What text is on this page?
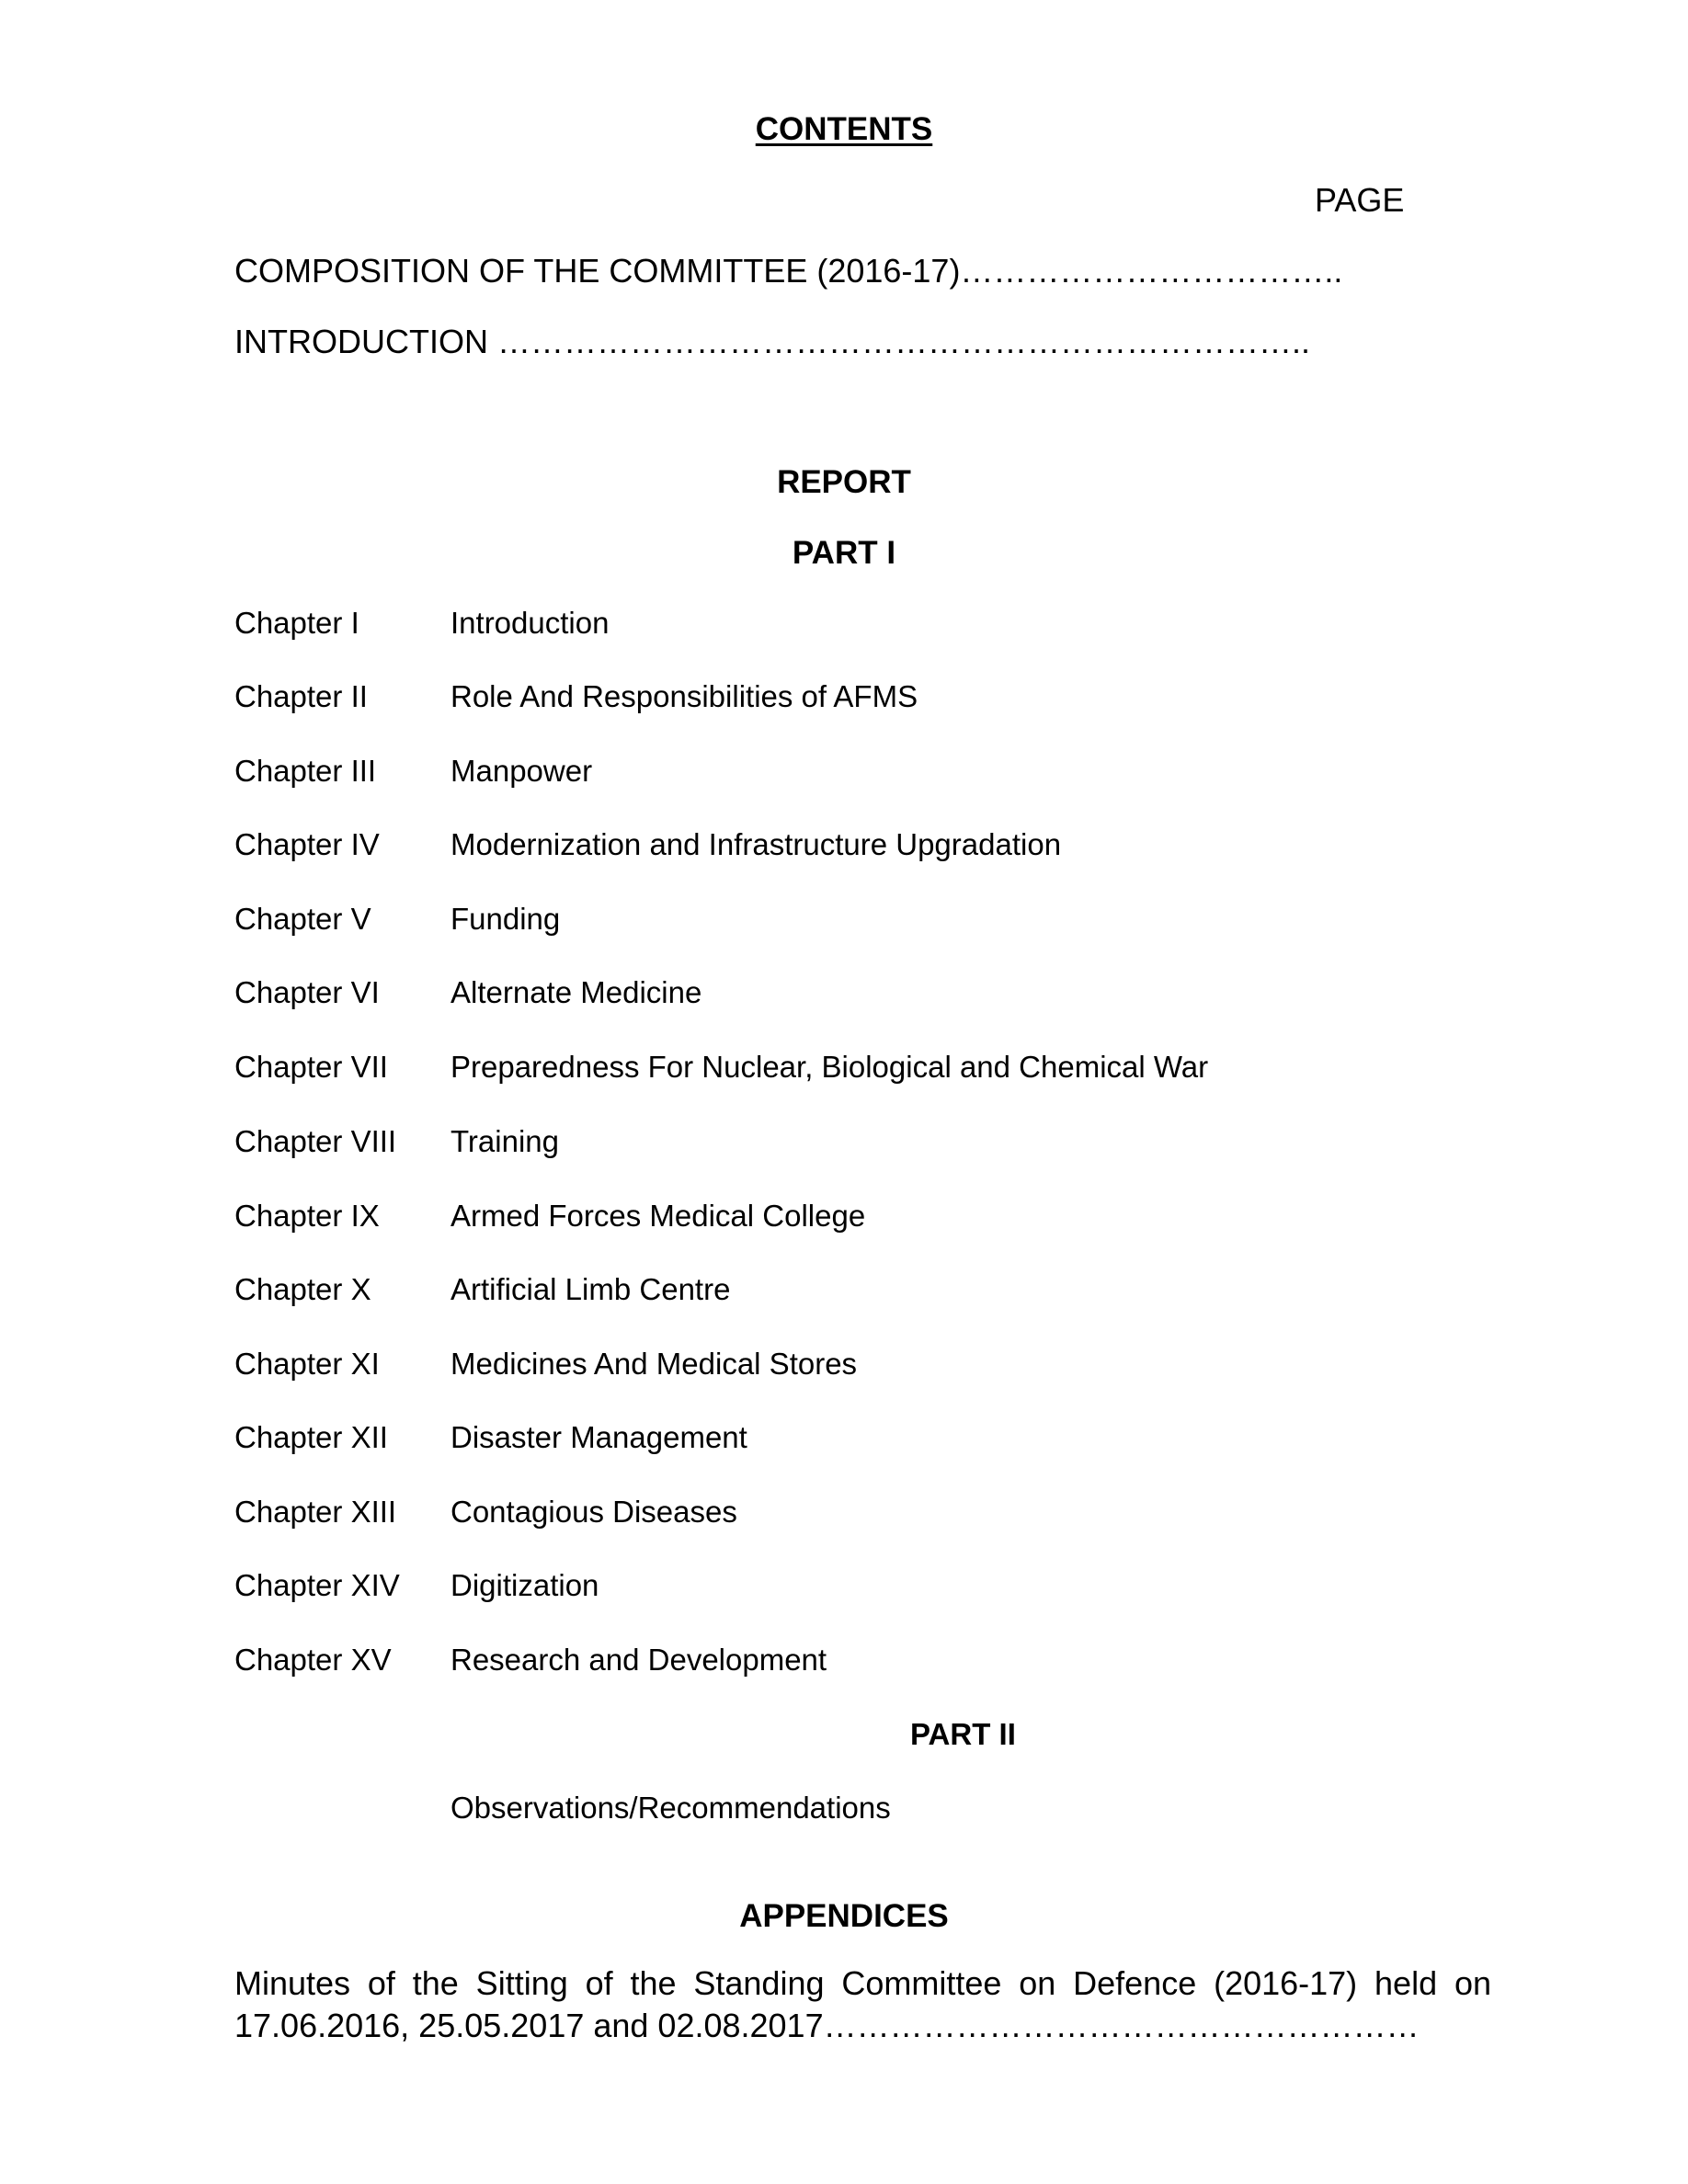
CONTENTS
PAGE
COMPOSITION OF THE COMMITTEE (2016-17)……………………………..
INTRODUCTION ………………………………………………………………..
REPORT
PART I
Chapter I	Introduction
Chapter II	Role And Responsibilities of AFMS
Chapter III Manpower
Chapter IV Modernization and Infrastructure Upgradation
Chapter V	Funding
Chapter VI Alternate Medicine
Chapter VII Preparedness For Nuclear, Biological and Chemical War
Chapter VIII Training
Chapter IX Armed Forces Medical College
Chapter X	Artificial Limb Centre
Chapter XI Medicines And Medical Stores
Chapter XII Disaster Management
Chapter XIII Contagious Diseases
Chapter XIV Digitization
Chapter XV Research and Development
PART II
Observations/Recommendations
APPENDICES
Minutes of the Sitting of the Standing Committee on Defence (2016-17) held on 17.06.2016, 25.05.2017 and 02.08.2017………………………………………………
